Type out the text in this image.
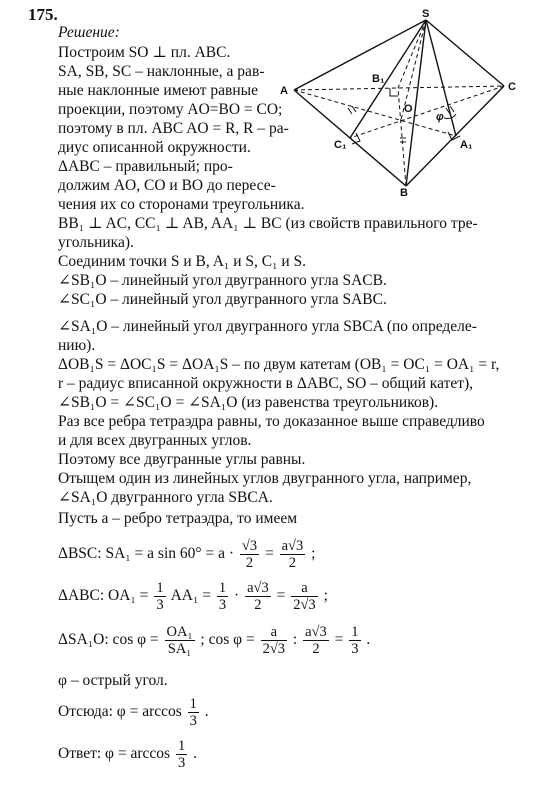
175.
Решение:
Построим SO ⊥ пл. ABC.
SA, SB, SC – наклонные, а рав-
ные наклонные имеют равные
проекции, поэтому AO=BO = CO;
поэтому в пл. ABC AO = R, R – ра-
диус описанной окружности.
ΔABC – правильный; про-
должим AO, CO и BO до пересе-
чения их со сторонами треугольника.
BB₁ ⊥ AC, CC₁ ⊥ AB, AA₁ ⊥ BC (из свойств правильного тре-
угольника).
Соединим точки S и B, A₁ и S, C₁ и S.
∠SB₁O – линейный угол двугранного угла SACB.
∠SC₁O – линейный угол двугранного угла SABC.
∠SA₁O – линейный угол двугранного угла SBCA (по определе-
нию).
ΔOB₁S = ΔOC₁S = ΔOA₁S – по двум катетам (OB₁ = OC₁ = OA₁ = r,
r – радиус вписанной окружности в ΔABC, SO – общий катет),
∠SB₁O = ∠SC₁O = ∠SA₁O (из равенства треугольников).
Раз все ребра тетраэдра равны, то доказанное выше справедливо
и для всех двугранных углов.
Поэтому все двугранные углы равны.
Отыщем один из линейных углов двугранного угла, например,
∠SA₁O двугранного угла SBCA.
Пусть a – ребро тетраэдра, то имеем
ΔBSC: SA₁ = a $\sin 60^\circ = a \cdot \frac{√3}{2} = \frac{a√3}{2}$ ;
ΔABC: $OA_1 = \frac{1}{3} AA_1 = \frac{1}{3} \cdot \frac{a√3}{2} = \frac{a}{2√3}$ ;
ΔSA₁O: $\cos \varphi = \frac{\text{OA₁}}{\text{SA₁}}$ ; $\cos \varphi = \frac{a}{2√3}$ : $\frac{a√3}{2} = \frac{1}{3}$ .
φ – острый угол.
Отсюда: $\varphi = \arccos \frac{1}{3}$ .
Ответ: $\varphi = \arccos \frac{1}{3}$ .
S
A
B
C
O
A₁
B₁
C₁
φ
